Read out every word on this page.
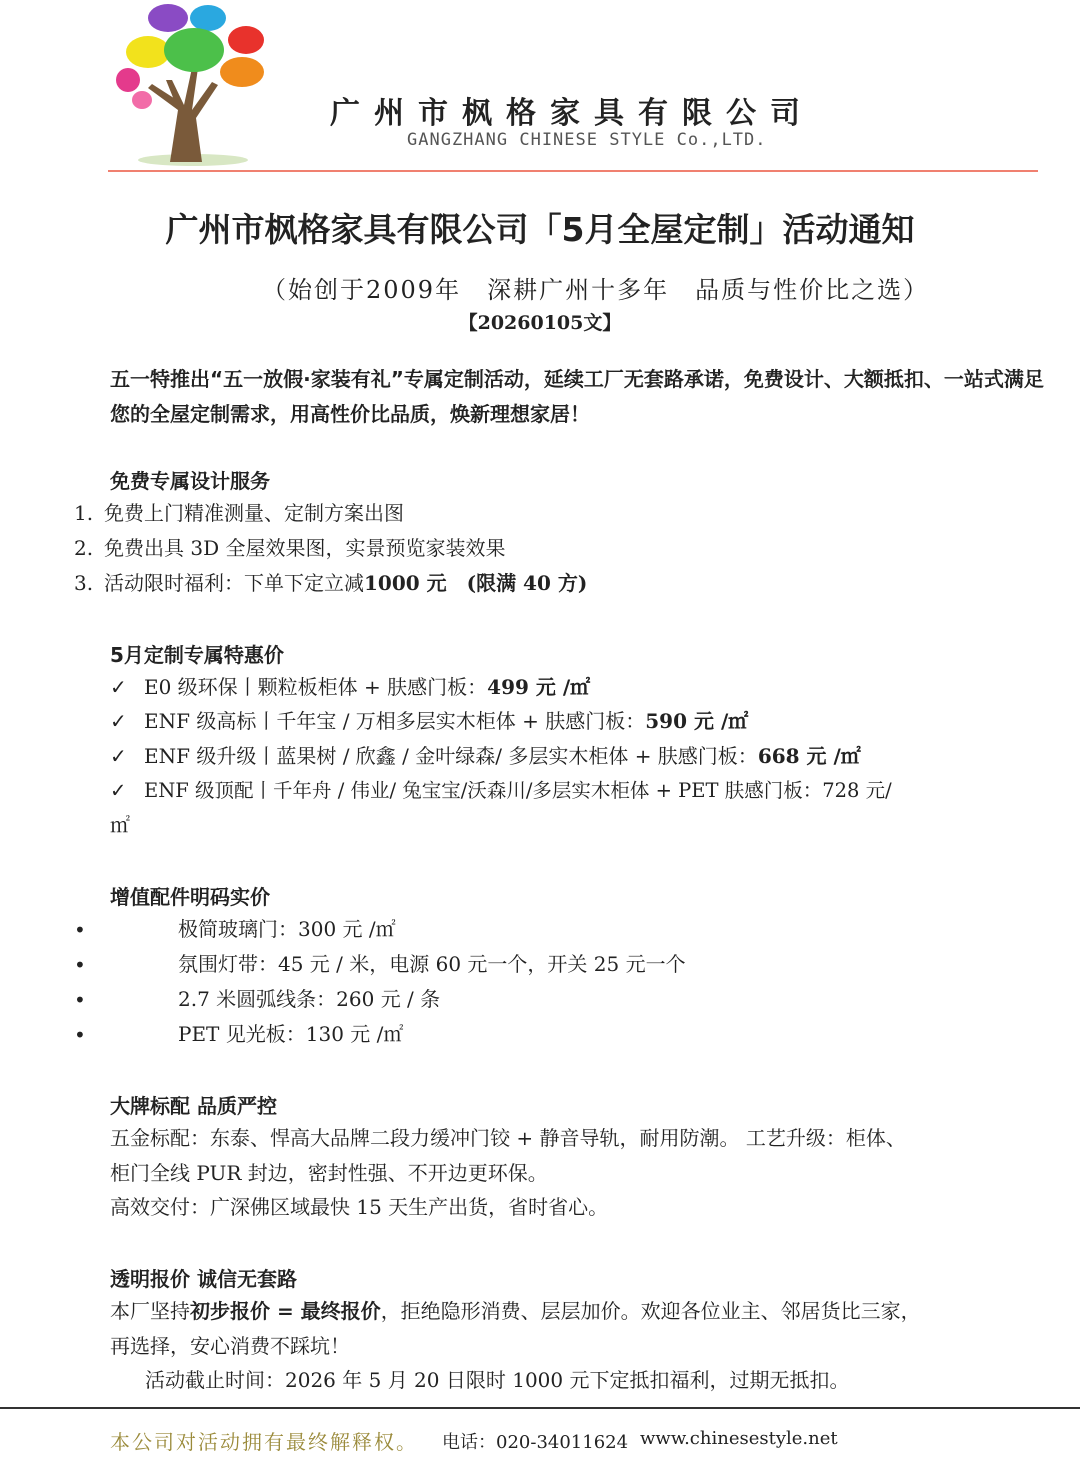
广州市枫格家具有限公司
GANGZHANG CHINESE STYLE Co.,LTD.
广州市枫格家具有限公司「5月全屋定制」活动通知
（始创于2009年　深耕广州十多年　品质与性价比之选）
【20260105文】
五一特推出“五一放假·家装有礼”专属定制活动，延续工厂无套路承诺，免费设计、大额抵扣、一站式满足您的全屋定制需求，用高性价比品质，焕新理想家居！
免费专属设计服务
1. 免费上门精准测量、定制方案出图
2. 免费出具 3D 全屋效果图，实景预览家装效果
3. 活动限时福利：下单下定立减1000 元　(限满 40 方)
5月定制专属特惠价
✓ E0 级环保丨颗粒板柜体 + 肤感门板：499 元 /㎡
✓ ENF 级高标丨千年宝 / 万相多层实木柜体 + 肤感门板：590 元 /㎡
✓ ENF 级升级丨蓝果树 / 欣鑫 / 金叶绿森/ 多层实木柜体 + 肤感门板：668 元 /㎡
✓ ENF 级顶配丨千年舟 / 伟业/ 兔宝宝/沃森川/多层实木柜体 + PET 肤感门板：728 元/
㎡
增值配件明码实价
•	极简玻璃门：300 元 /㎡
•	氛围灯带：45 元 / 米，电源 60 元一个，开关 25 元一个
•	2.7 米圆弧线条：260 元 / 条
•	PET 见光板：130 元 /㎡
大牌标配 品质严控
五金标配：东泰、悍高大品牌二段力缓冲门铰 + 静音导轨，耐用防潮。 工艺升级：柜体、
柜门全线 PUR 封边，密封性强、不开边更环保。
高效交付：广深佛区域最快 15 天生产出货，省时省心。
透明报价 诚信无套路
本厂坚持初步报价 = 最终报价，拒绝隐形消费、层层加价。欢迎各位业主、邻居货比三家，
再选择，安心消费不踩坑！
活动截止时间：2026 年 5 月 20 日限时 1000 元下定抵扣福利，过期无抵扣。
本公司对活动拥有最终解释权。 电话：020-34011624 www.chinesestyle.net
